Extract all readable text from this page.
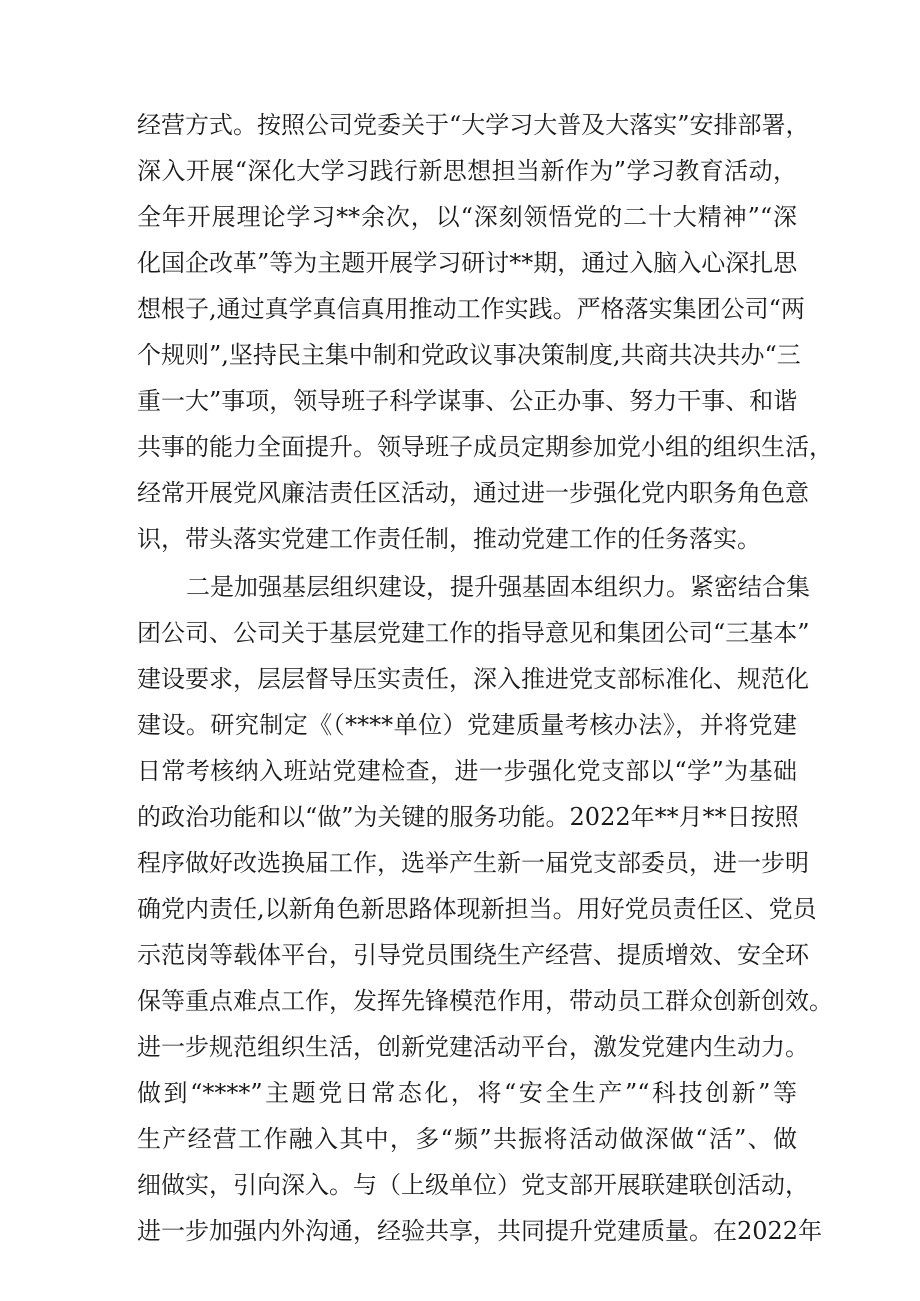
经营方式。按照公司党委关于“大学习大普及大落实”安排部署，
深入开展“深化大学习践行新思想担当新作为”学习教育活动，
全年开展理论学习**余次，以“深刻领悟党的二十大精神”“深
化国企改革”等为主题开展学习研讨**期，通过入脑入心深扎思
想根子,通过真学真信真用推动工作实践。严格落实集团公司“两
个规则”,坚持民主集中制和党政议事决策制度,共商共决共办“三
重一大”事项，领导班子科学谋事、公正办事、努力干事、和谐
共事的能力全面提升。领导班子成员定期参加党小组的组织生活，
经常开展党风廉洁责任区活动，通过进一步强化党内职务角色意
识，带头落实党建工作责任制，推动党建工作的任务落实。
二是加强基层组织建设，提升强基固本组织力。紧密结合集
团公司、公司关于基层党建工作的指导意见和集团公司“三基本”
建设要求，层层督导压实责任，深入推进党支部标准化、规范化
建设。研究制定《（****单位）党建质量考核办法》，并将党建
日常考核纳入班站党建检查，进一步强化党支部以“学”为基础
的政治功能和以“做”为关键的服务功能。2022年**月**日按照
程序做好改选换届工作，选举产生新一届党支部委员，进一步明
确党内责任,以新角色新思路体现新担当。用好党员责任区、党员
示范岗等载体平台，引导党员围绕生产经营、提质增效、安全环
保等重点难点工作，发挥先锋模范作用，带动员工群众创新创效。
进一步规范组织生活，创新党建活动平台，激发党建内生动力。
做到“****”主题党日常态化，将“安全生产”“科技创新”等
生产经营工作融入其中，多“频”共振将活动做深做“活”、做
细做实，引向深入。与（上级单位）党支部开展联建联创活动，
进一步加强内外沟通，经验共享，共同提升党建质量。在2022年
